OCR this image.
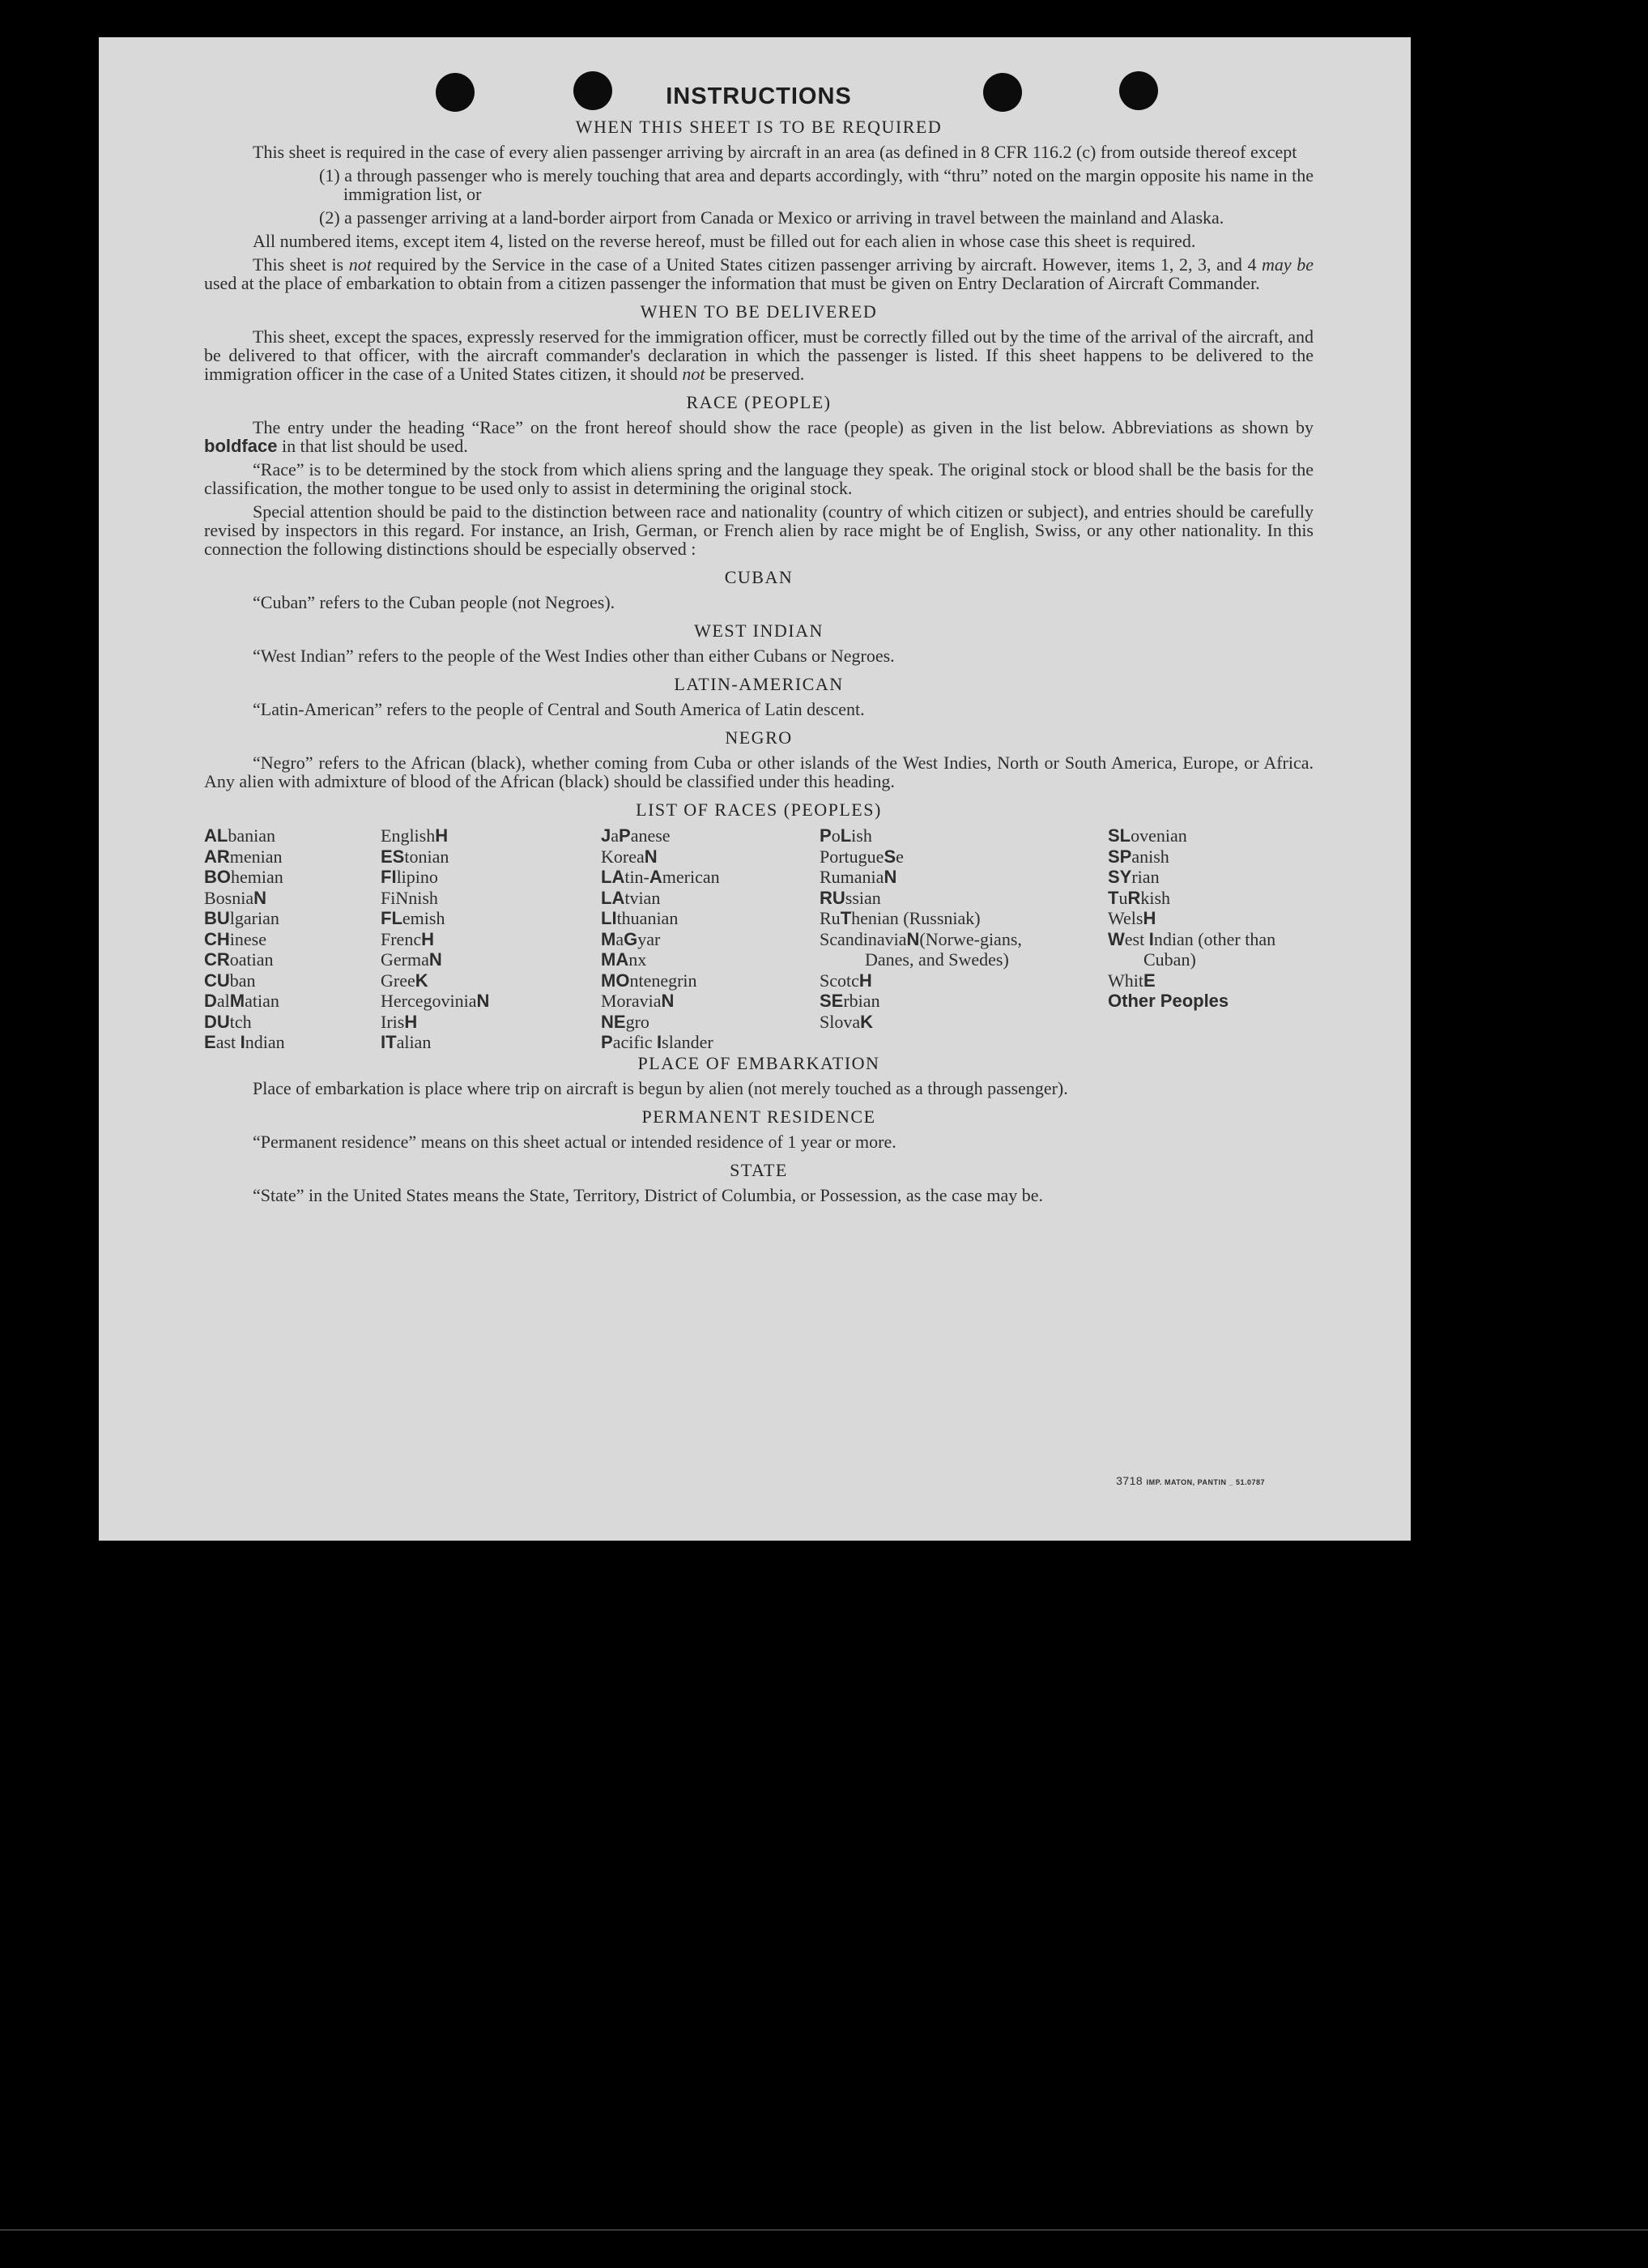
INSTRUCTIONS
WHEN THIS SHEET IS TO BE REQUIRED

This sheet is required in the case of every alien passenger arriving by aircraft in an area (as defined in 8 CFR 116.2 (c) from outside thereof except

(1) a through passenger who is merely touching that area and departs accordingly, with “thru” noted on the margin opposite his name in the immigration list, or

(2) a passenger arriving at a land-border airport from Canada or Mexico or arriving in travel between the mainland and Alaska.

All numbered items, except item 4, listed on the reverse hereof, must be filled out for each alien in whose case this sheet is required.

This sheet is not required by the Service in the case of a United States citizen passenger arriving by aircraft. However, items 1, 2, 3, and 4 may be used at the place of embarkation to obtain from a citizen passenger the information that must be given on Entry Declaration of Aircraft Commander.

WHEN TO BE DELIVERED

This sheet, except the spaces, expressly reserved for the immigration officer, must be correctly filled out by the time of the arrival of the aircraft, and be delivered to that officer, with the aircraft commander's declaration in which the passenger is listed. If this sheet happens to be delivered to the immigration officer in the case of a United States citizen, it should not be preserved.

RACE (PEOPLE)

The entry under the heading “Race” on the front hereof should show the race (people) as given in the list below. Abbreviations as shown by boldface in that list should be used.

“Race” is to be determined by the stock from which aliens spring and the language they speak. The original stock or blood shall be the basis for the classification, the mother tongue to be used only to assist in determining the original stock.

Special attention should be paid to the distinction between race and nationality (country of which citizen or subject), and entries should be carefully revised by inspectors in this regard. For instance, an Irish, German, or French alien by race might be of English, Swiss, or any other nationality. In this connection the following distinctions should be especially observed :

CUBAN

“Cuban” refers to the Cuban people (not Negroes).

WEST INDIAN

“West Indian” refers to the people of the West Indies other than either Cubans or Negroes.

LATIN-AMERICAN

“Latin-American” refers to the people of Central and South America of Latin descent.

NEGRO

“Negro” refers to the African (black), whether coming from Cuba or other islands of the West Indies, North or South America, Europe, or Africa. Any alien with admixture of blood of the African (black) should be classified under this heading.

LIST OF RACES (PEOPLES)
ALbanian
ARmenian
BOhemian
BosniaN
BUlgarian
CHinese
CRoatian
CUban
DalMatian
DUtch
East Indian
EnglishH
EStonian
FIlipino
FiNnish
FLemish
FrencH
GermaN
GreeK
HercegoviniaN
IrisH
ITalian
JaPanese
KoreaN
LAtin-American
LAtvian
LIthuanian
MaGyar
MAnx
MOntenegrin
MoraviaN
NEgro
Pacific Islander
PoLish
PortugueSe
RumaniaN
RUssian
RuThenian (Russniak)
ScandinaviaN(Norwe-gians, Danes, and Swedes)
ScotcH
SErbian
SlovaK
SLovenian
SPanish
SYrian
TuRkish
WelsH
West Indian (other than Cuban)
WhitE
Other Peoples
PLACE OF EMBARKATION

Place of embarkation is place where trip on aircraft is begun by alien (not merely touched as a through passenger).

PERMANENT RESIDENCE

“Permanent residence” means on this sheet actual or intended residence of 1 year or more.

STATE

“State” in the United States means the State, Territory, District of Columbia, or Possession, as the case may be.

3718 IMP. MATON, PANTIN _ 51.0787
